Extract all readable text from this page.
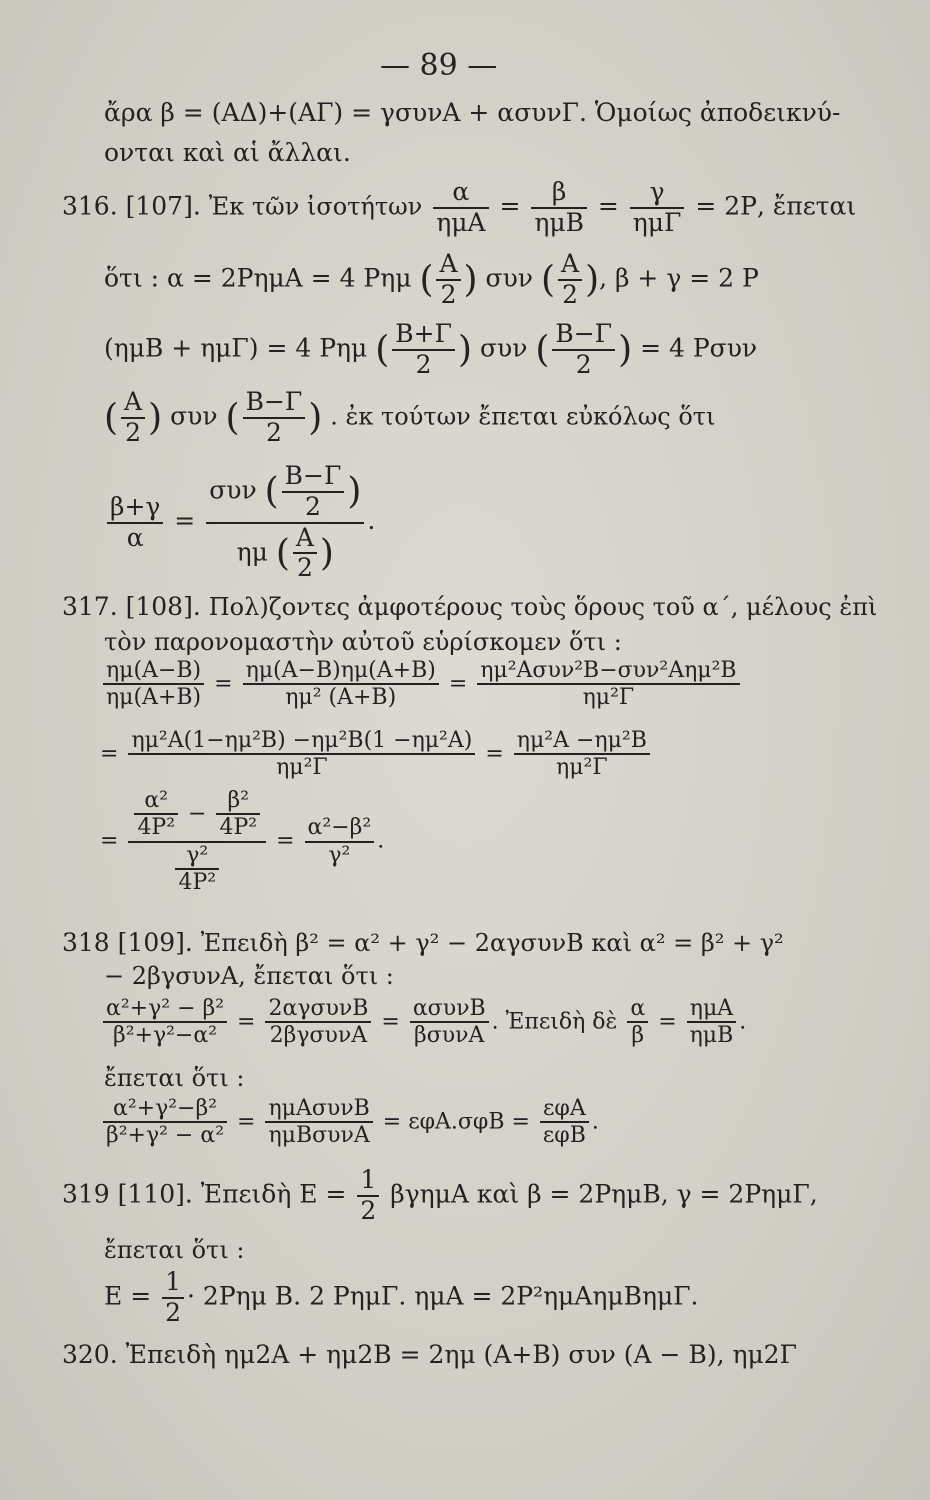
— 89 —
ἄρα β = (ΑΔ)+(ΑΓ) = γσυνΑ + ασυνΓ. Ὁμοίως ἀποδεικνύ-
ονται καὶ αἱ ἄλλαι.
316. [107]. Ἐκ τῶν ἰσοτήτων $\frac{\alpha}{\text{ημΑ}} = \frac{\beta}{\text{ημΒ}} = \frac{\gamma}{\text{ημΓ}} = 2P$, ἔπεται
ὅτι : α = 2ΡημΑ = 4 Ρημ ( $\frac{A}{2}$ ) συν ( $\frac{A}{2}$ ), β + γ = 2 Ρ
(ημΒ + ημΓ) = 4 Ρημ ( $\frac{B+\Gamma}{2}$ ) συν ( $\frac{B-\Gamma}{2}$ ) = 4 Ρσυν
( $\frac{A}{2}$ ) συν ( $\frac{B-\Gamma}{2}$ ) . ἐκ τούτων ἔπεται εὐκόλως ὅτι
$\frac{\beta+\gamma}{\alpha} = \frac{\sigma\upsilon\nu ( \frac{B-\Gamma}{2} )}{\eta\mu ( \frac{A}{2} )}$ .
317. [108]. Πολ)ζοντες ἀμφοτέρους τοὺς ὅρους τοῦ α΄, μέλους ἐπὶ
τὸν παρονομαστὴν αὐτοῦ εὑρίσκομεν ὅτι :
$\frac{\eta\mu(A-B)}{\eta\mu(A+B)} = \frac{\eta\mu(A-B)\eta\mu(A+B)}{\text{ημ² (Α+Β)}} = \frac{\text{ημ²Ασυν²Β−συν²Αημ²Β}}{\text{ημ²Γ}}$
= $\frac{\text{ημ²Α(1−ημ²Β) −ημ²Β(1 −ημ²Α)}}{\text{ημ²Γ}} = \frac{\text{ημ²Α −ημ²Β}}{\text{ημ²Γ}}$
= $\frac{\frac{\text{α²}}{\text{4Ρ²}} - \frac{\text{β²}}{\text{4Ρ²}}}{\frac{\text{γ²}}{\text{4Ρ²}}} = \frac{\text{α²−β²}}{\text{γ²}}$ .
318 [109]. Ἐπειδὴ β² = α² + γ² − 2αγσυνΒ καὶ α² = β² + γ²
− 2βγσυνΑ, ἔπεται ὅτι :
$\frac{\text{α²+γ² − β²}}{\text{β²+γ²−α²}} = \frac{\text{2αγσυνΒ}}{\text{2βγσυνΑ}} = \frac{\text{ασυνΒ}}{\text{βσυνΑ}}$ . Ἐπειδὴ δὲ $\frac{\alpha}{\beta} = \frac{\text{ημΑ}}{\text{ημΒ}}$ .
ἔπεται ὅτι :
$\frac{\text{α²+γ²−β²}}{\text{β²+γ² − α²}} = \frac{\text{ημΑσυνΒ}}{\text{ημΒσυνΑ}} = \varepsilon\varphi A.\sigma\varphi B = \frac{\text{εφΑ}}{\text{εφΒ}}$ .
319 [110]. Ἐπειδὴ $E = \frac{1}{2}$ βγημΑ καὶ β = 2ΡημΒ, γ = 2ΡημΓ,
ἔπεται ὅτι :
$E = \frac{1}{2} \cdot 2P\eta\mu$ Β. 2 ΡημΓ. ημΑ = 2Ρ²ημΑημΒημΓ.
320. Ἐπειδὴ ημ2Α + ημ2Β = 2ημ (Α+Β) συν (Α − Β), ημ2Γ
